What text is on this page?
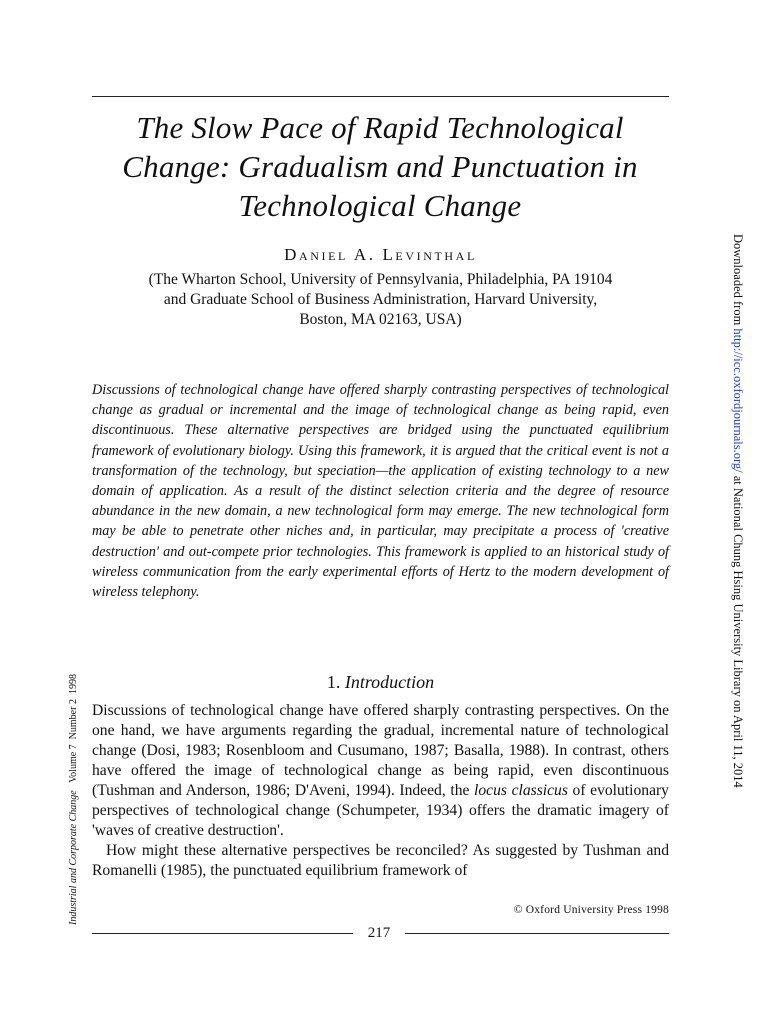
The Slow Pace of Rapid Technological
Change: Gradualism and Punctuation in
Technological Change
Daniel A. Levinthal
(The Wharton School, University of Pennsylvania, Philadelphia, PA 19104
and Graduate School of Business Administration, Harvard University,
Boston, MA 02163, USA)
Discussions of technological change have offered sharply contrasting perspectives of technological change as gradual or incremental and the image of technological change as being rapid, even discontinuous. These alternative perspectives are bridged using the punctuated equilibrium framework of evolutionary biology. Using this framework, it is argued that the critical event is not a transformation of the technology, but speciation—the application of existing technology to a new domain of application. As a result of the distinct selection criteria and the degree of resource abundance in the new domain, a new technological form may emerge. The new technological form may be able to penetrate other niches and, in particular, may precipitate a process of 'creative destruction' and out-compete prior technologies. This framework is applied to an historical study of wireless communication from the early experimental efforts of Hertz to the modern development of wireless telephony.
1. Introduction

Discussions of technological change have offered sharply contrasting perspectives. On the one hand, we have arguments regarding the gradual, incremental nature of technological change (Dosi, 1983; Rosenbloom and Cusumano, 1987; Basalla, 1988). In contrast, others have offered the image of technological change as being rapid, even discontinuous (Tushman and Anderson, 1986; D'Aveni, 1994). Indeed, the locus classicus of evolutionary perspectives of technological change (Schumpeter, 1934) offers the dramatic imagery of 'waves of creative destruction'.

How might these alternative perspectives be reconciled? As suggested by Tushman and Romanelli (1985), the punctuated equilibrium framework of

© Oxford University Press 1998
217
Downloaded from http://icc.oxfordjournals.org/ at National Chung Hsing University Library on April 11, 2014
Industrial and Corporate Change   Volume 7  Number 2  1998
